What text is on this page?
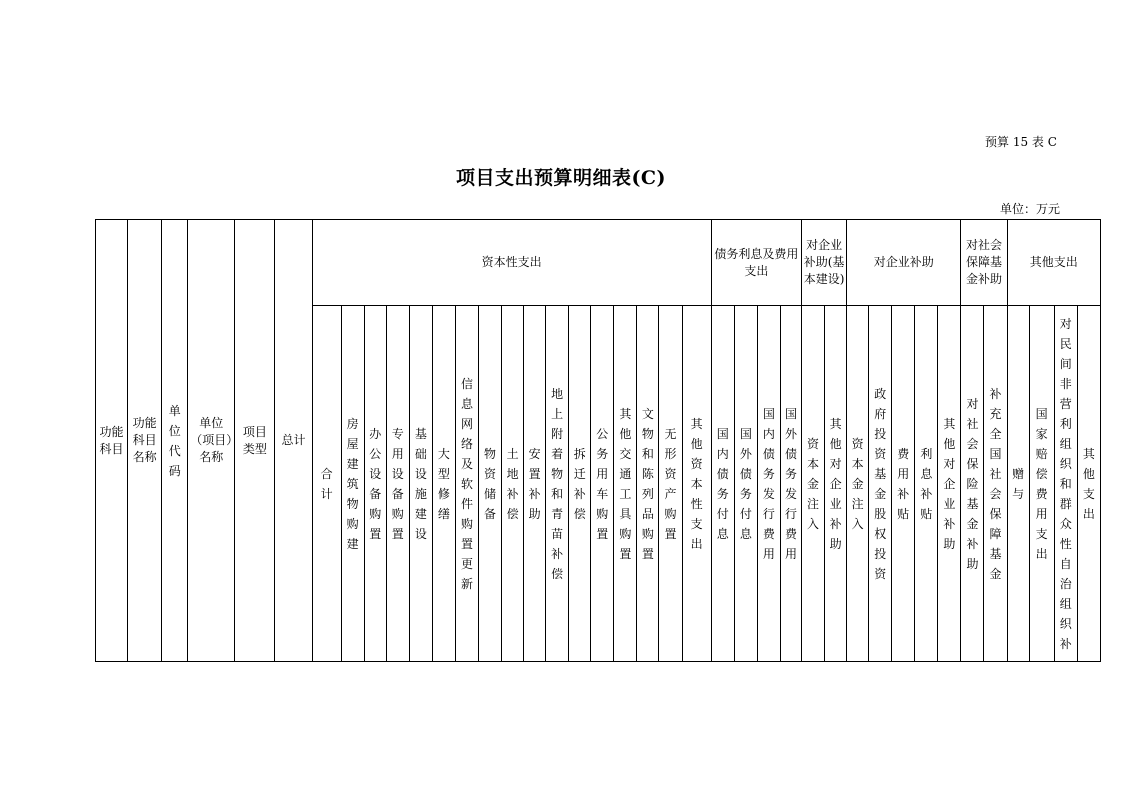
预算 15 表 C
项目支出预算明细表(C)
单位：万元
功能科目	功能科目名称	单位代码	单位（项目）名称	项目类型	总计	资本性支出																	债务利息及费用支出				对企业补助(基本建设)		对企业补助					对社会保障基金补助		其他支出			

						合计	房屋建筑物购建	办公设备购置	专用设备购置	基础设施建设	大型修缮	信息网络及软件购置更新	物资储备	土地补偿	安置补助	地上附着物和青苗补偿	拆迁补偿	公务用车购置	其他交通工具购置	文物和陈列品购置	无形资产购置	其他资本性支出	国内债务付息	国外债务付息	国内债务发行费用	国外债务发行费用	资本金注入	其他对企业补助	资本金注入	政府投资基金股权投资	费用补贴	利息补贴	其他对企业补助	对社会保险基金补助	补充全国社会保障基金	赠与	国家赔偿费用支出	对民间非营利组织和群众性自治组织补	其他支出
